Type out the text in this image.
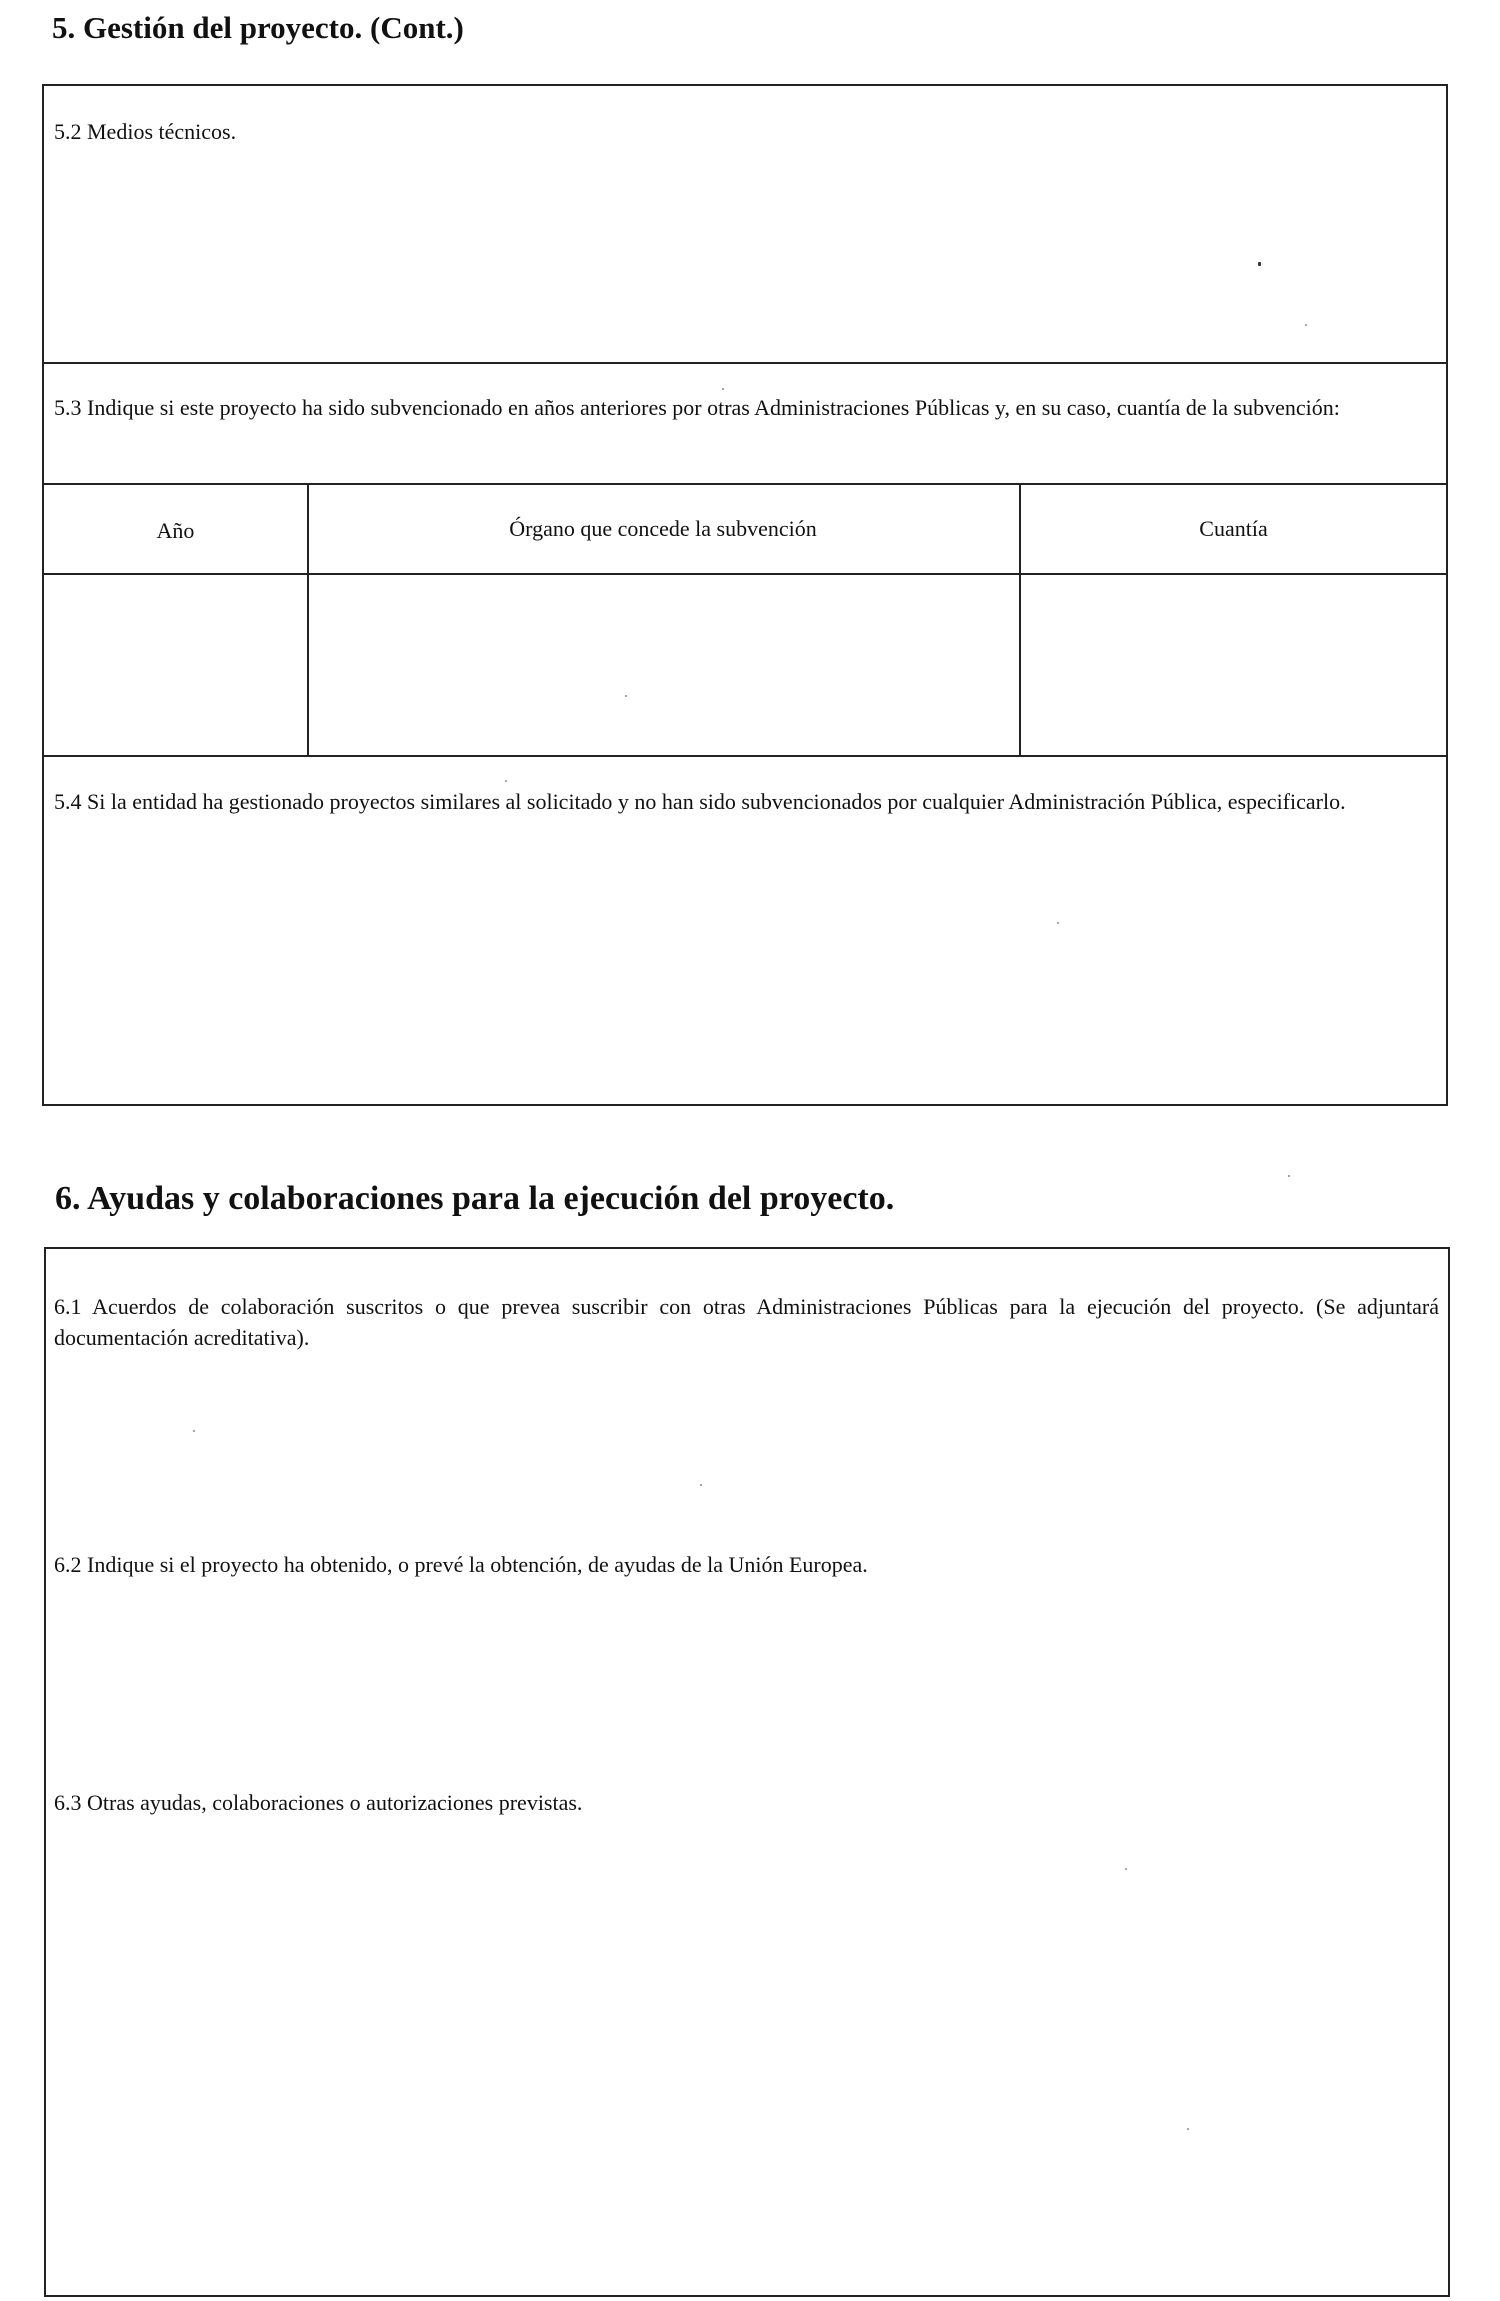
5. Gestión del proyecto. (Cont.)
5.2 Medios técnicos.
5.3 Indique si este proyecto ha sido subvencionado en años anteriores por otras Administraciones Públicas y, en su caso, cuantía de la subvención:
Año	Órgano que concede la subvención	Cuantía
5.4 Si la entidad ha gestionado proyectos similares al solicitado y no han sido subvencionados por cualquier Administración Pública, especificarlo.
6. Ayudas y colaboraciones para la ejecución del proyecto.
6.1 Acuerdos de colaboración suscritos o que prevea suscribir con otras Administraciones Públicas para la ejecución del proyecto. (Se adjuntará documentación acreditativa).
6.2 Indique si el proyecto ha obtenido, o prevé la obtención, de ayudas de la Unión Europea.
6.3 Otras ayudas, colaboraciones o autorizaciones previstas.
